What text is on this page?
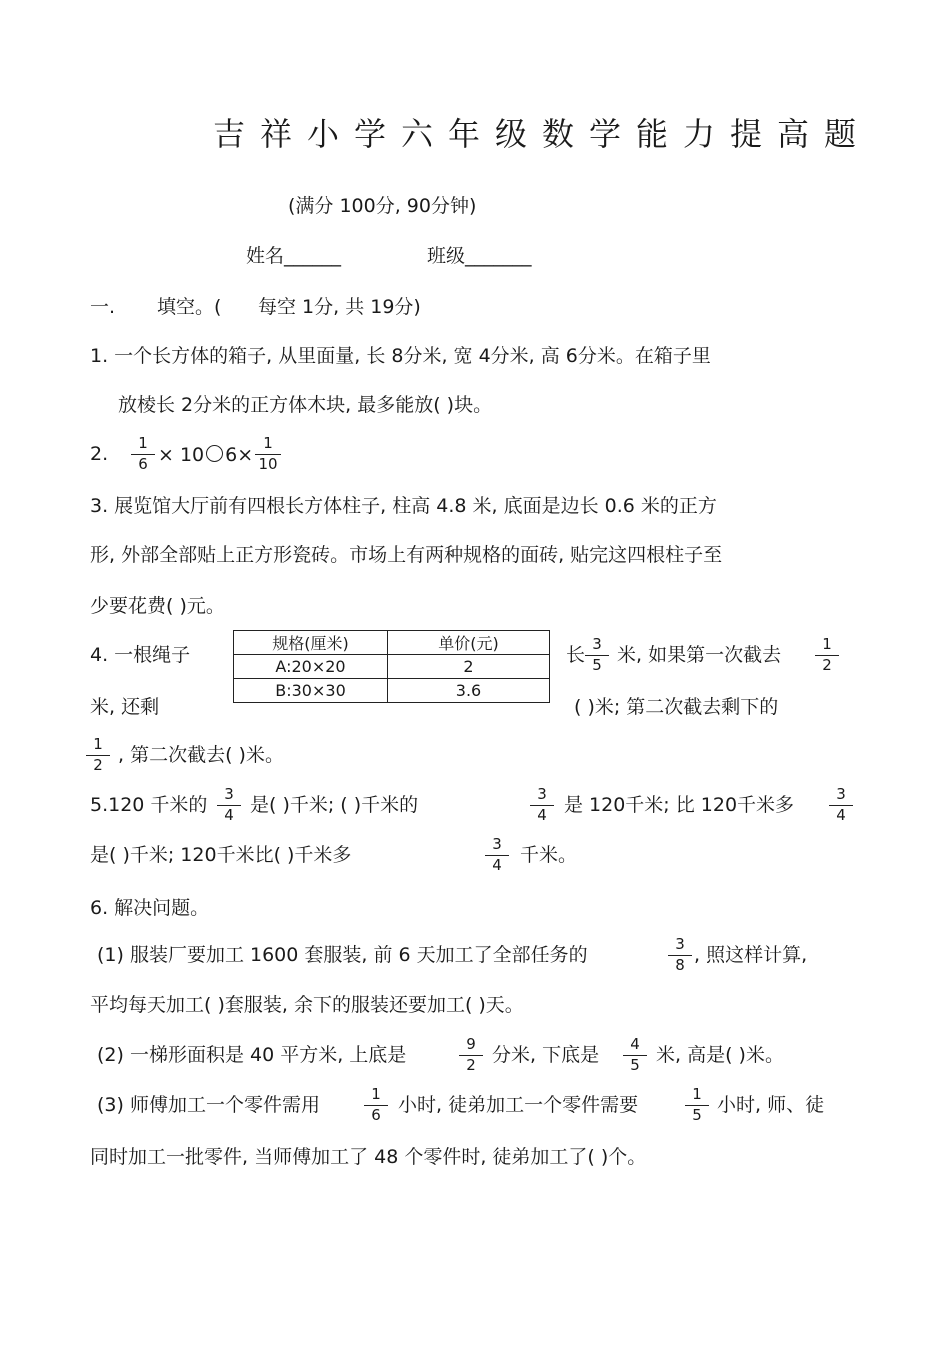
吉祥小学六年级数学能力提高题
(满分 100分, 90分钟)
姓名______	班级_______
一. 填空。( 每空 1分, 共 19分)
1. 一个长方体的箱子, 从里面量, 长 8分米, 宽 4分米, 高 6分米。在箱子里
放棱长 2分米的正方体木块, 最多能放( )块。
2.	1
6 × 10 6×
1
10
3. 展览馆大厅前有四根长方体柱子, 柱高 4.8 米, 底面是边长 0.6 米的正方
形, 外部全部贴上正方形瓷砖。市场上有两种规格的面砖, 贴完这四根柱子至
少要花费( )元。
4. 一根绳子
规格(厘米)	单价(元)
A:20×20	2
B:30×30	3.6
长 3
5 米, 如果第一次截去	1
2
米, 还剩	( )米; 第二次截去剩下的
1
2 , 第二次截去( )米。
5.120 千米的	3
4 是( )千米; ( )千米的	3
4 是 120千米; 比 120千米多	3
4
是( )千米; 120千米比( )千米多	3
4 千米。
6. 解决问题。
(1) 服装厂要加工 1600 套服装, 前 6 天加工了全部任务的	3
8 , 照这样计算,
平均每天加工( )套服装, 余下的服装还要加工( )天。
(2) 一梯形面积是 40 平方米, 上底是	9
2 分米, 下底是	4
5 米, 高是( )米。
(3) 师傅加工一个零件需用	1
6 小时, 徒弟加工一个零件需要	1
5 小时, 师、徒
同时加工一批零件, 当师傅加工了 48 个零件时, 徒弟加工了( )个。
